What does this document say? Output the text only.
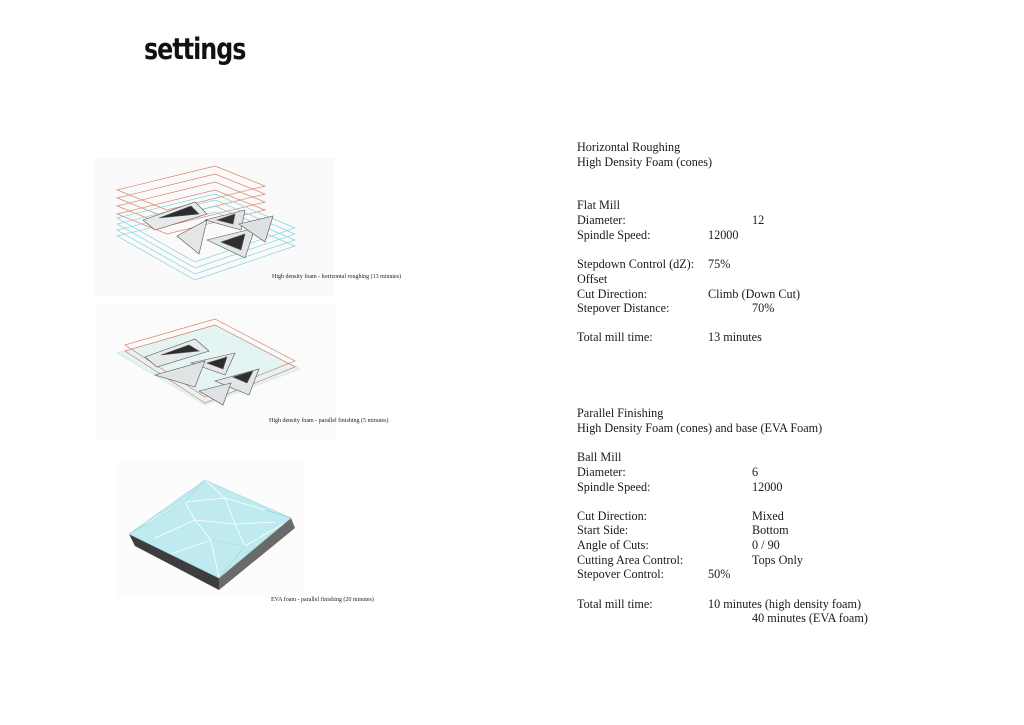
settings
High density foam - horizontal roughing (13 minutes)
High density foam - parallel finishing (5 minutes)
EVA foam - parallel finishing (20 minutes)
Horizontal Roughing
High Density Foam (cones)
Flat Mill
Diameter:	12
Spindle Speed:	12000
Stepdown Control (dZ): 75%
Offset
Cut Direction:	Climb (Down Cut)
Stepover Distance:	70%
Total mill time:	13 minutes
Parallel Finishing
High Density Foam (cones) and base (EVA Foam)
Ball Mill
Diameter:	6
Spindle Speed:	12000
Cut Direction:	Mixed
Start Side:	Bottom
Angle of Cuts:	0 / 90
Cutting Area Control:	Tops Only
Stepover Control:	50%
Total mill time:	10 minutes (high density foam)
40 minutes (EVA foam)
